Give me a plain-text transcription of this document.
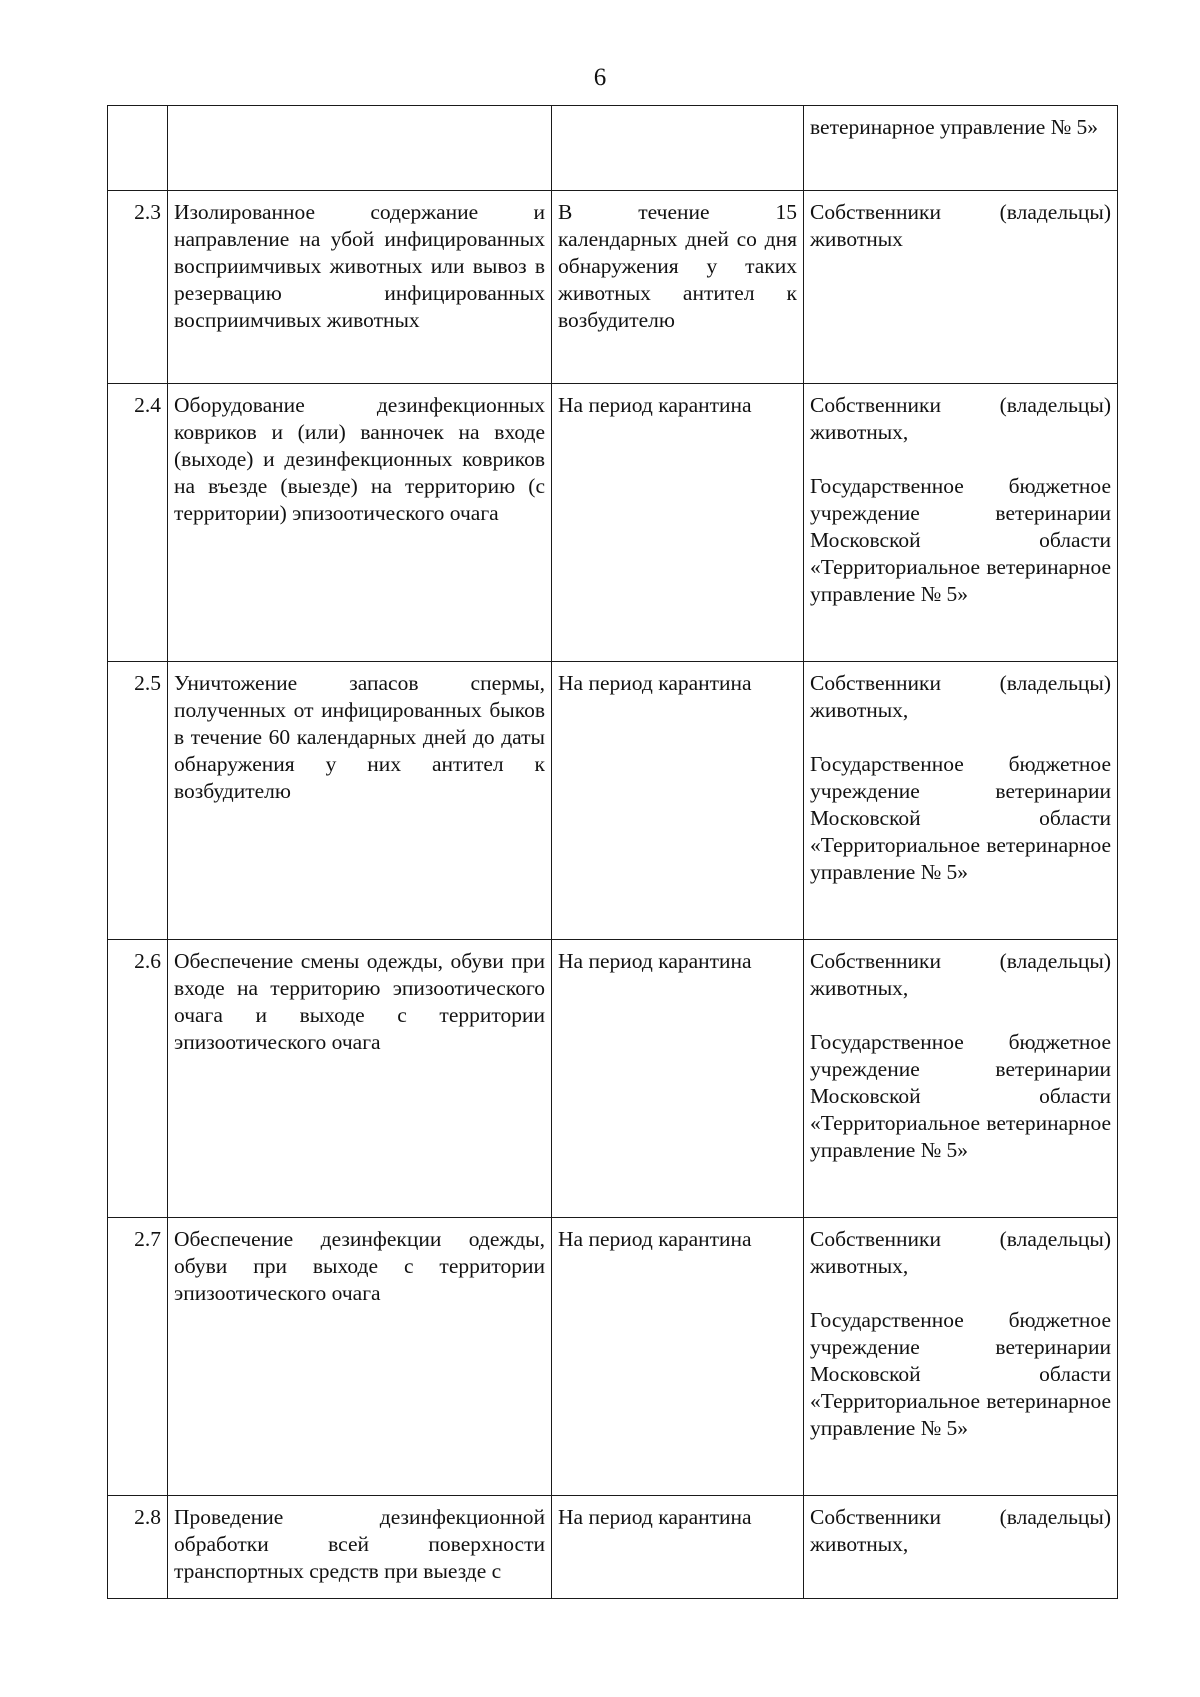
6

			ветеринарное управление № 5»

2.3	Изолированное содержание и направление на убой инфицированных восприимчивых животных или вывоз в резервацию инфицированных восприимчивых животных	В течение 15 календарных дней со дня обнаружения у таких животных антител к возбудителю	Собственники (владельцы) животных

2.4	Оборудование дезинфекционных ковриков и (или) ванночек на входе (выходе) и дезинфекционных ковриков на въезде (выезде) на территорию (с территории) эпизоотического очага	На период карантина	Собственники (владельцы) животных,
Государственное бюджетное учреждение ветеринарии Московской области «Территориальное ветеринарное управление № 5»

2.5	Уничтожение запасов спермы, полученных от инфицированных быков в течение 60 календарных дней до даты обнаружения у них антител к возбудителю	На период карантина	Собственники (владельцы) животных,
Государственное бюджетное учреждение ветеринарии Московской области «Территориальное ветеринарное управление № 5»

2.6	Обеспечение смены одежды, обуви при входе на территорию эпизоотического очага и выходе с территории эпизоотического очага	На период карантина	Собственники (владельцы) животных,
Государственное бюджетное учреждение ветеринарии Московской области «Территориальное ветеринарное управление № 5»

2.7	Обеспечение дезинфекции одежды, обуви при выходе с территории эпизоотического очага	На период карантина	Собственники (владельцы) животных,
Государственное бюджетное учреждение ветеринарии Московской области «Территориальное ветеринарное управление № 5»

2.8	Проведение дезинфекционной обработки всей поверхности транспортных средств при выезде с	На период карантина	Собственники (владельцы) животных,
